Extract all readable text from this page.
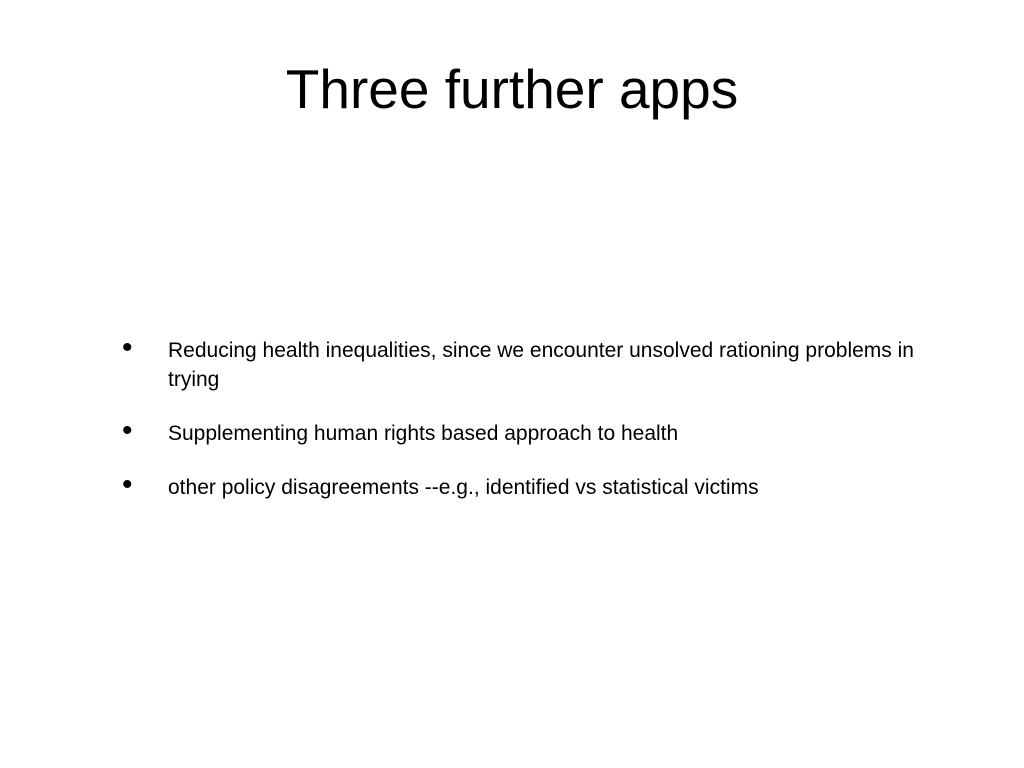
Three further apps
• Reducing health inequalities, since we encounter unsolved rationing problems in trying
• Supplementing human rights based approach to health
• other policy disagreements --e.g., identified vs statistical victims
